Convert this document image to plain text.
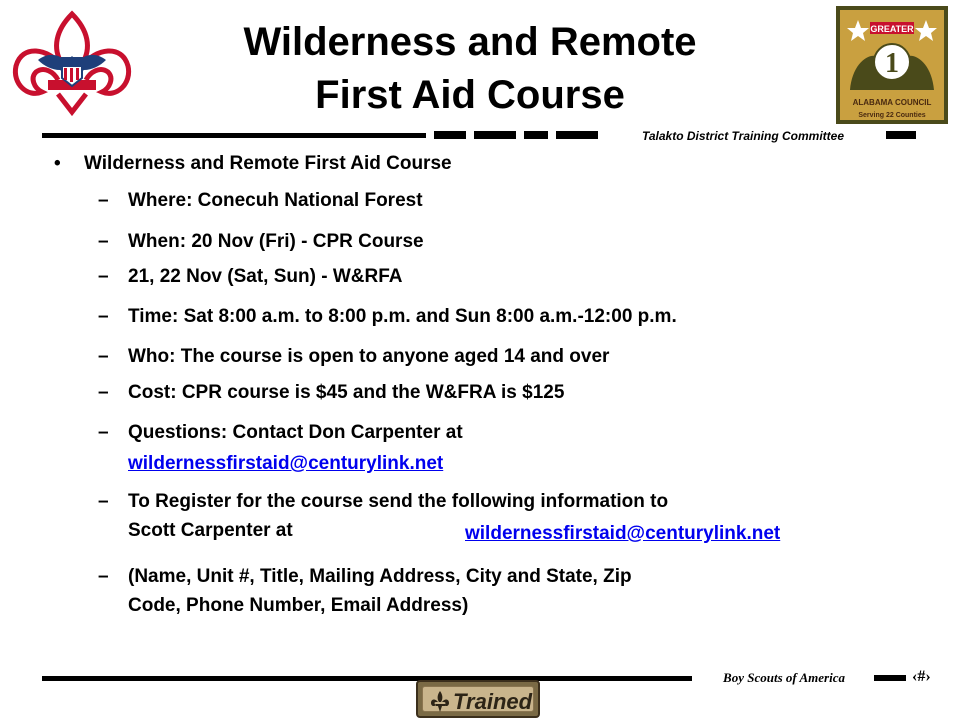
Wilderness and Remote
First Aid Course
GREATER
1
ALABAMA COUNCIL
Serving 22 Counties
Talakto District Training Committee
•	Wilderness and Remote First Aid Course
– Where: Conecuh National Forest
– When: 20 Nov (Fri) - CPR Course
– 21, 22 Nov (Sat, Sun) - W&RFA
– Time: Sat 8:00 a.m. to 8:00 p.m. and Sun 8:00 a.m.-12:00 p.m.
– Who: The course is open to anyone aged 14 and over
– Cost: CPR course is $45 and the W&FRA is $125
– Questions: Contact Don Carpenter at
wildernessfirstaid@centurylink.net
– To Register for the course send the following information to
Scott Carpenter at	wildernessfirstaid@centurylink.net
– (Name, Unit #, Title, Mailing Address, City and State, Zip
Code, Phone Number, Email Address)
Boy Scouts of America	‹#›
Trained
